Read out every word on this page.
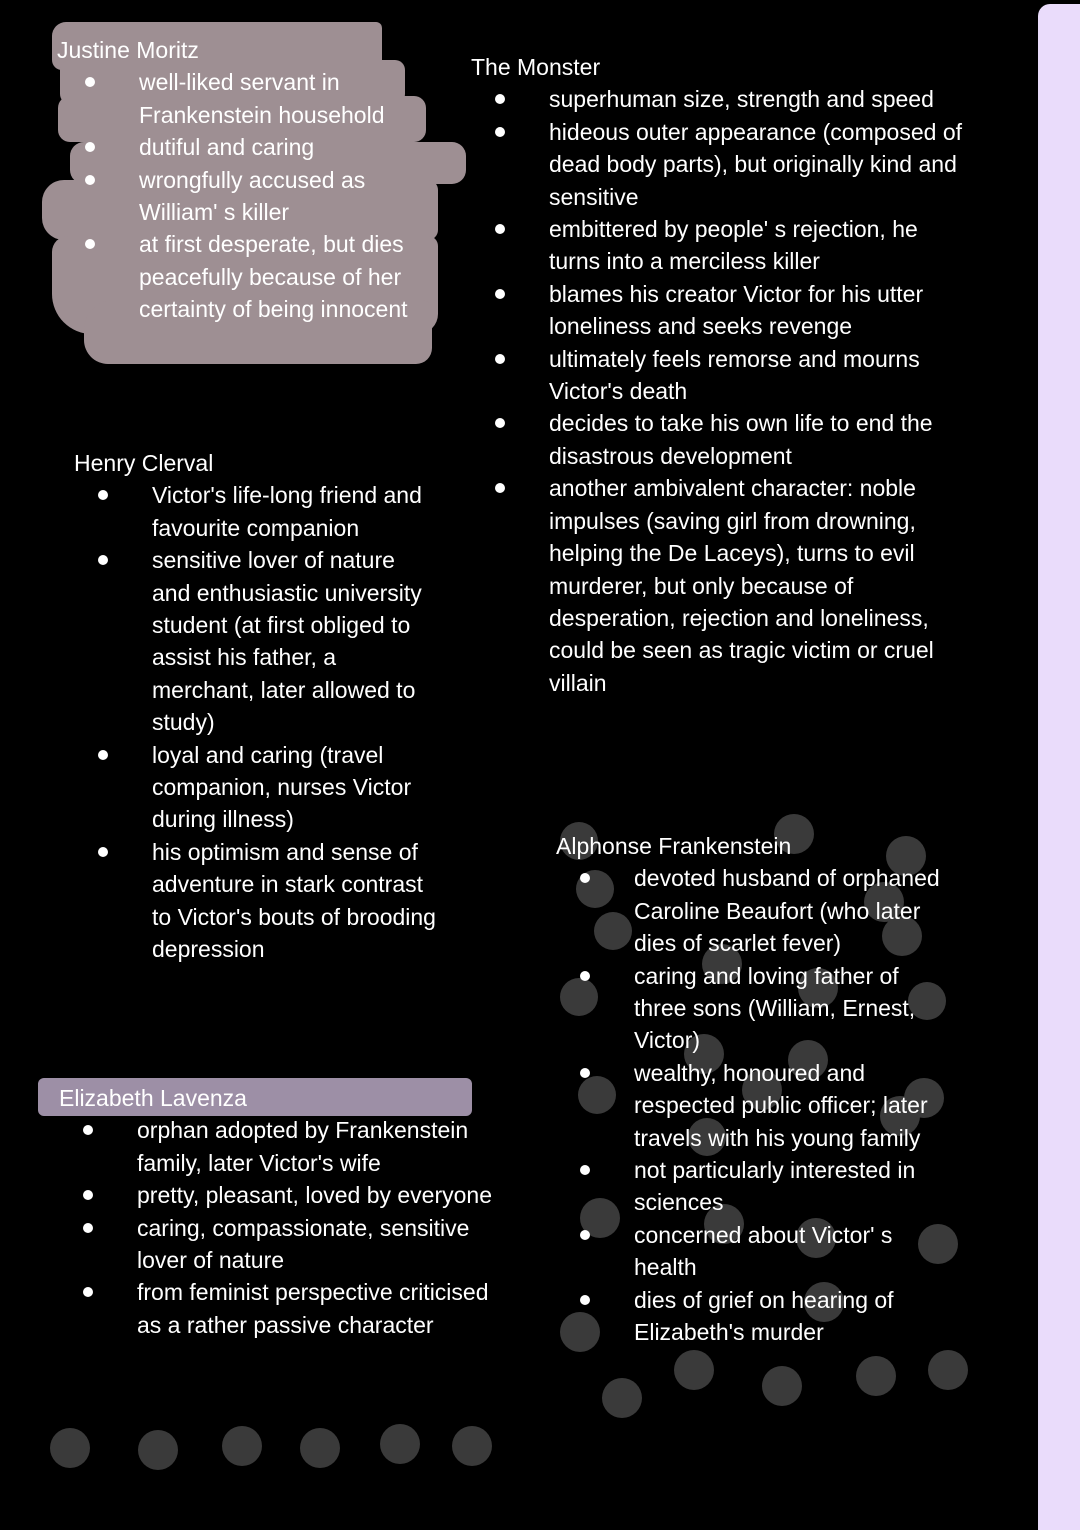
Justine Moritz
well-liked servant in Frankenstein household
dutiful and caring
wrongfully accused as William' s killer
at first desperate, but dies peacefully because of her certainty of being innocent
The Monster
superhuman size, strength and speed
hideous outer appearance (composed of dead body parts), but originally kind and sensitive
embittered by people' s rejection, he turns into a merciless killer
blames his creator Victor for his utter loneliness and seeks revenge
ultimately feels remorse and mourns Victor's death
decides to take his own life to end the disastrous development
another ambivalent character: noble impulses (saving girl from drowning, helping the De Laceys), turns to evil murderer, but only because of desperation, rejection and loneliness, could be seen as tragic victim or cruel villain
Henry Clerval
Victor's life-long friend and favourite companion
sensitive lover of nature and enthusiastic university student (at first obliged to assist his father, a merchant, later allowed to study)
loyal and caring (travel companion, nurses Victor during illness)
his optimism and sense of adventure in stark contrast to Victor's bouts of brooding depression
Alphonse Frankenstein
devoted husband of orphaned Caroline Beaufort (who later dies of scarlet fever)
caring and loving father of three sons (William, Ernest, Victor)
wealthy, honoured and respected public officer; later travels with his young family
not particularly interested in sciences
concerned about Victor' s health
dies of grief on hearing of Elizabeth's murder
Elizabeth Lavenza
orphan adopted by Frankenstein family, later Victor's wife
pretty, pleasant, loved by everyone
caring, compassionate, sensitive lover of nature
from feminist perspective criticised as a rather passive character
